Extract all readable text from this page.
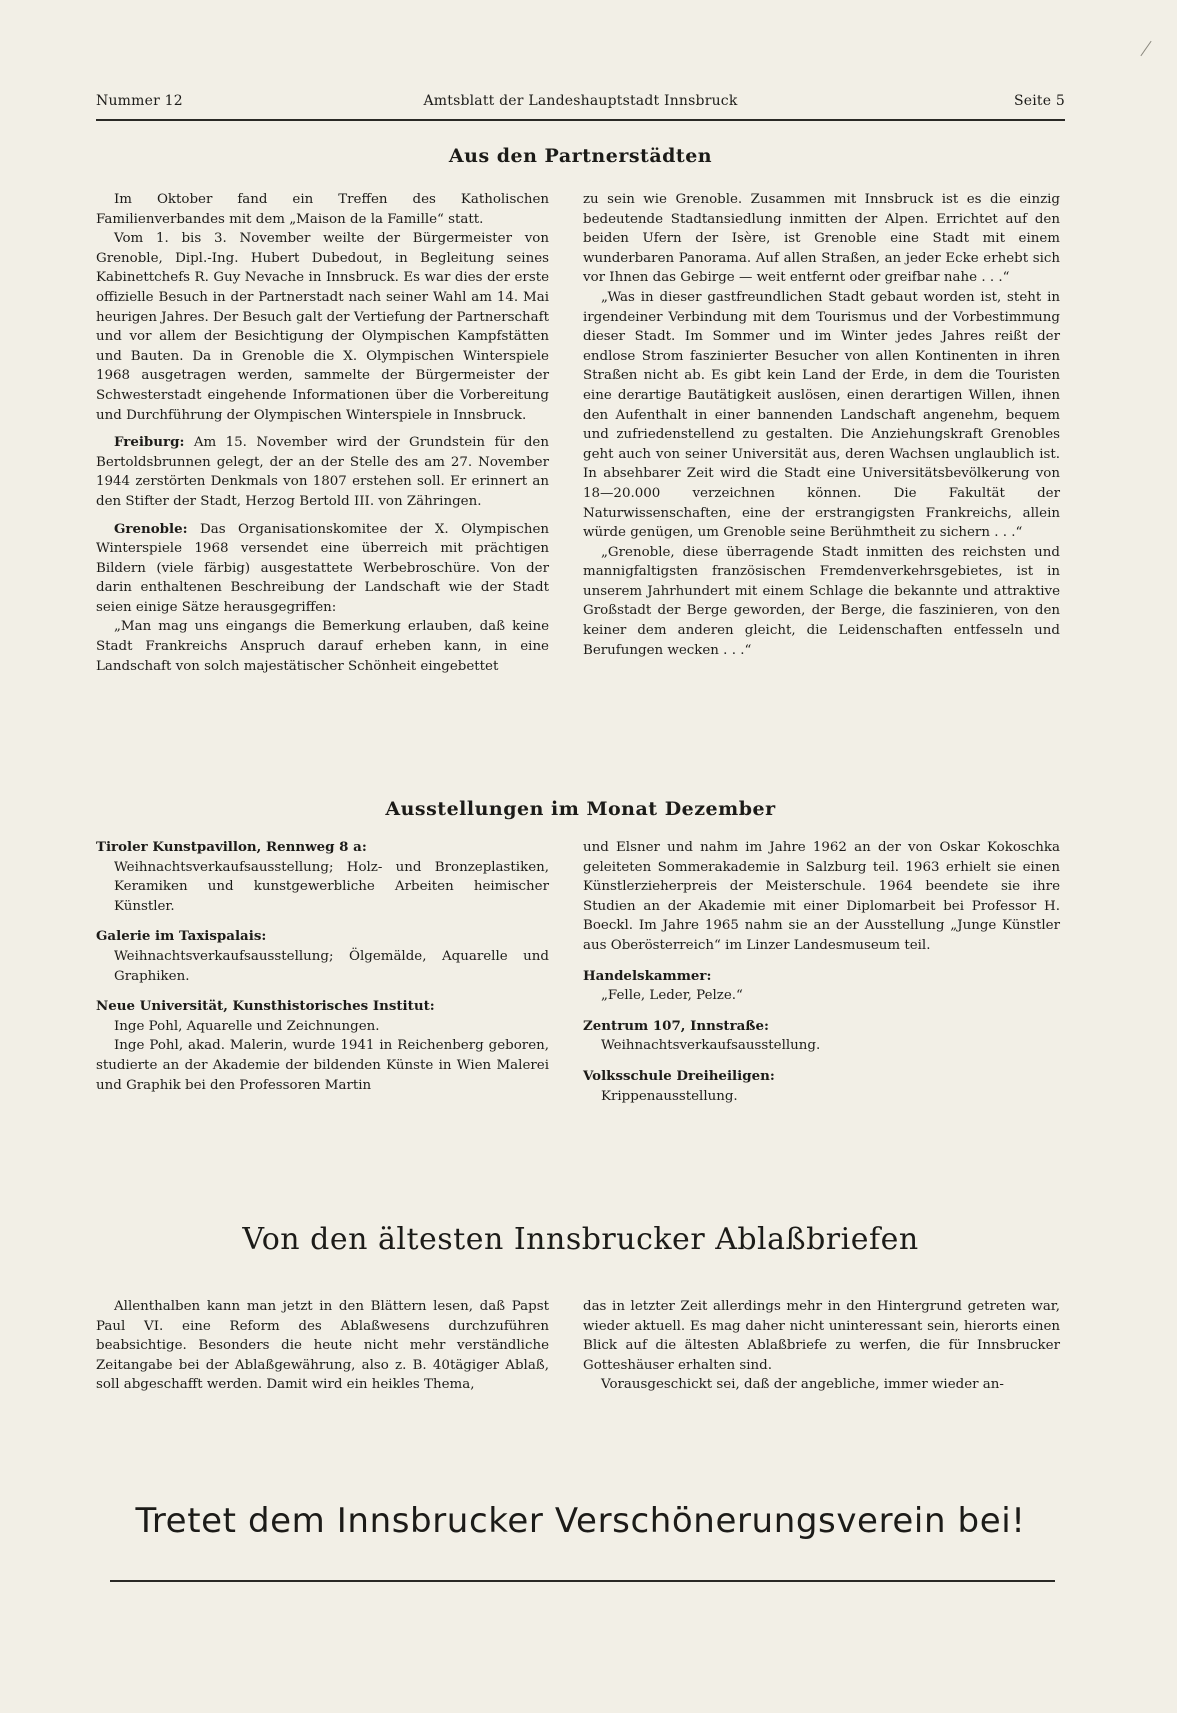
Nummer 12	Amtsblatt der Landeshauptstadt Innsbruck	Seite 5
Aus den Partnerstädten

Im Oktober fand ein Treffen des Katholischen Familienverbandes mit dem „Maison de la Famille“ statt.

Vom 1. bis 3. November weilte der Bürgermeister von Grenoble, Dipl.-Ing. Hubert Dubedout, in Begleitung seines Kabinettchefs R. Guy Nevache in Innsbruck. Es war dies der erste offizielle Besuch in der Partnerstadt nach seiner Wahl am 14. Mai heurigen Jahres. Der Besuch galt der Vertiefung der Partnerschaft und vor allem der Besichtigung der Olympischen Kampfstätten und Bauten. Da in Grenoble die X. Olympischen Winterspiele 1968 ausgetragen werden, sammelte der Bürgermeister der Schwesterstadt eingehende Informationen über die Vorbereitung und Durchführung der Olympischen Winterspiele in Innsbruck.

Freiburg: Am 15. November wird der Grundstein für den Bertoldsbrunnen gelegt, der an der Stelle des am 27. November 1944 zerstörten Denkmals von 1807 erstehen soll. Er erinnert an den Stifter der Stadt, Herzog Bertold III. von Zähringen.

Grenoble: Das Organisationskomitee der X. Olympischen Winterspiele 1968 versendet eine überreich mit prächtigen Bildern (viele färbig) ausgestattete Werbebroschüre. Von der darin enthaltenen Beschreibung der Landschaft wie der Stadt seien einige Sätze herausgegriffen:

„Man mag uns eingangs die Bemerkung erlauben, daß keine Stadt Frankreichs Anspruch darauf erheben kann, in eine Landschaft von solch majestätischer Schönheit eingebettet

zu sein wie Grenoble. Zusammen mit Innsbruck ist es die einzig bedeutende Stadtansiedlung inmitten der Alpen. Errichtet auf den beiden Ufern der Isère, ist Grenoble eine Stadt mit einem wunderbaren Panorama. Auf allen Straßen, an jeder Ecke erhebt sich vor Ihnen das Gebirge — weit entfernt oder greifbar nahe . . .“

„Was in dieser gastfreundlichen Stadt gebaut worden ist, steht in irgendeiner Verbindung mit dem Tourismus und der Vorbestimmung dieser Stadt. Im Sommer und im Winter jedes Jahres reißt der endlose Strom faszinierter Besucher von allen Kontinenten in ihren Straßen nicht ab. Es gibt kein Land der Erde, in dem die Touristen eine derartige Bautätigkeit auslösen, einen derartigen Willen, ihnen den Aufenthalt in einer bannenden Landschaft angenehm, bequem und zufriedenstellend zu gestalten. Die Anziehungskraft Grenobles geht auch von seiner Universität aus, deren Wachsen unglaublich ist. In absehbarer Zeit wird die Stadt eine Universitätsbevölkerung von 18—20.000 verzeichnen können. Die Fakultät der Naturwissenschaften, eine der erstrangigsten Frankreichs, allein würde genügen, um Grenoble seine Berühmtheit zu sichern . . .“

„Grenoble, diese überragende Stadt inmitten des reichsten und mannigfaltigsten französischen Fremdenverkehrsgebietes, ist in unserem Jahrhundert mit einem Schlage die bekannte und attraktive Großstadt der Berge geworden, der Berge, die faszinieren, von den keiner dem anderen gleicht, die Leidenschaften entfesseln und Berufungen wecken . . .“

Ausstellungen im Monat Dezember

Tiroler Kunstpavillon, Rennweg 8 a:

Weihnachtsverkaufsausstellung; Holz- und Bronzeplastiken, Keramiken und kunstgewerbliche Arbeiten heimischer Künstler.

Galerie im Taxispalais:

Weihnachtsverkaufsausstellung; Ölgemälde, Aquarelle und Graphiken.

Neue Universität, Kunsthistorisches Institut:

Inge Pohl, Aquarelle und Zeichnungen.

Inge Pohl, akad. Malerin, wurde 1941 in Reichenberg geboren, studierte an der Akademie der bildenden Künste in Wien Malerei und Graphik bei den Professoren Martin

und Elsner und nahm im Jahre 1962 an der von Oskar Kokoschka geleiteten Sommerakademie in Salzburg teil. 1963 erhielt sie einen Künstlerzieherpreis der Meisterschule. 1964 beendete sie ihre Studien an der Akademie mit einer Diplomarbeit bei Professor H. Boeckl. Im Jahre 1965 nahm sie an der Ausstellung „Junge Künstler aus Oberösterreich“ im Linzer Landesmuseum teil.

Handelskammer:

„Felle, Leder, Pelze.“

Zentrum 107, Innstraße:

Weihnachtsverkaufsausstellung.

Volksschule Dreiheiligen:

Krippenausstellung.

Von den ältesten Innsbrucker Ablaßbriefen

Allenthalben kann man jetzt in den Blättern lesen, daß Papst Paul VI. eine Reform des Ablaßwesens durchzuführen beabsichtige. Besonders die heute nicht mehr verständliche Zeitangabe bei der Ablaßgewährung, also z. B. 40tägiger Ablaß, soll abgeschafft werden. Damit wird ein heikles Thema,

das in letzter Zeit allerdings mehr in den Hintergrund getreten war, wieder aktuell. Es mag daher nicht uninteressant sein, hierorts einen Blick auf die ältesten Ablaßbriefe zu werfen, die für Innsbrucker Gotteshäuser erhalten sind.

Vorausgeschickt sei, daß der angebliche, immer wieder an-

Tretet dem Innsbrucker Verschönerungsverein bei!
